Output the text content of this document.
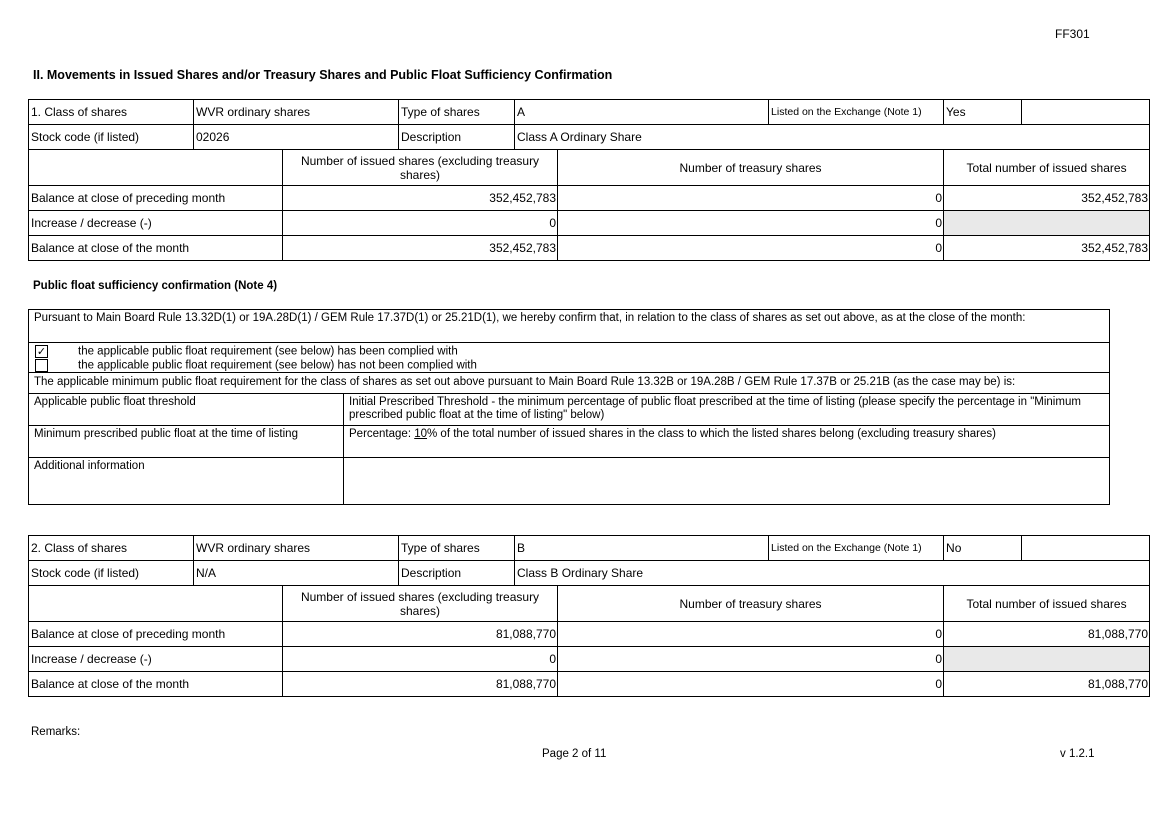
FF301
II. Movements in Issued Shares and/or Treasury Shares and Public Float Sufficiency Confirmation
1. Class of shares	WVR ordinary shares		Type of shares	A		Listed on the Exchange (Note 1)	Yes	
Stock code (if listed)	02026		Description	Class A Ordinary Share				
		Number of issued shares (excluding treasury shares)			Number of treasury shares		Total number of issued shares	
Balance at close of preceding month		352,452,783			0		352,452,783	
Increase / decrease (-)		0			0			
Balance at close of the month		352,452,783			0		352,452,783	
Public float sufficiency confirmation (Note 4)
Pursuant to Main Board Rule 13.32D(1) or 19A.28D(1) / GEM Rule 17.37D(1) or 25.21D(1), we hereby confirm that, in relation to the class of shares as set out above, as at the close of the month:	
✓ the applicable public float requirement (see below) has been complied with
the applicable public float requirement (see below) has not been complied with	
The applicable minimum public float requirement for the class of shares as set out above pursuant to Main Board Rule 13.32B or 19A.28B / GEM Rule 17.37B or 25.21B (as the case may be) is:	
Applicable public float threshold	Initial Prescribed Threshold - the minimum percentage of public float prescribed at the time of listing (please specify the percentage in "Minimum prescribed public float at the time of listing" below)
Minimum prescribed public float at the time of listing	Percentage: 10% of the total number of issued shares in the class to which the listed shares belong (excluding treasury shares)
Additional information	
2. Class of shares	WVR ordinary shares		Type of shares	B		Listed on the Exchange (Note 1)	No	
Stock code (if listed)	N/A		Description	Class B Ordinary Share				
		Number of issued shares (excluding treasury shares)			Number of treasury shares		Total number of issued shares	
Balance at close of preceding month		81,088,770			0		81,088,770	
Increase / decrease (-)		0			0			
Balance at close of the month		81,088,770			0		81,088,770	
Remarks:
Page 2 of 11	v 1.2.1
